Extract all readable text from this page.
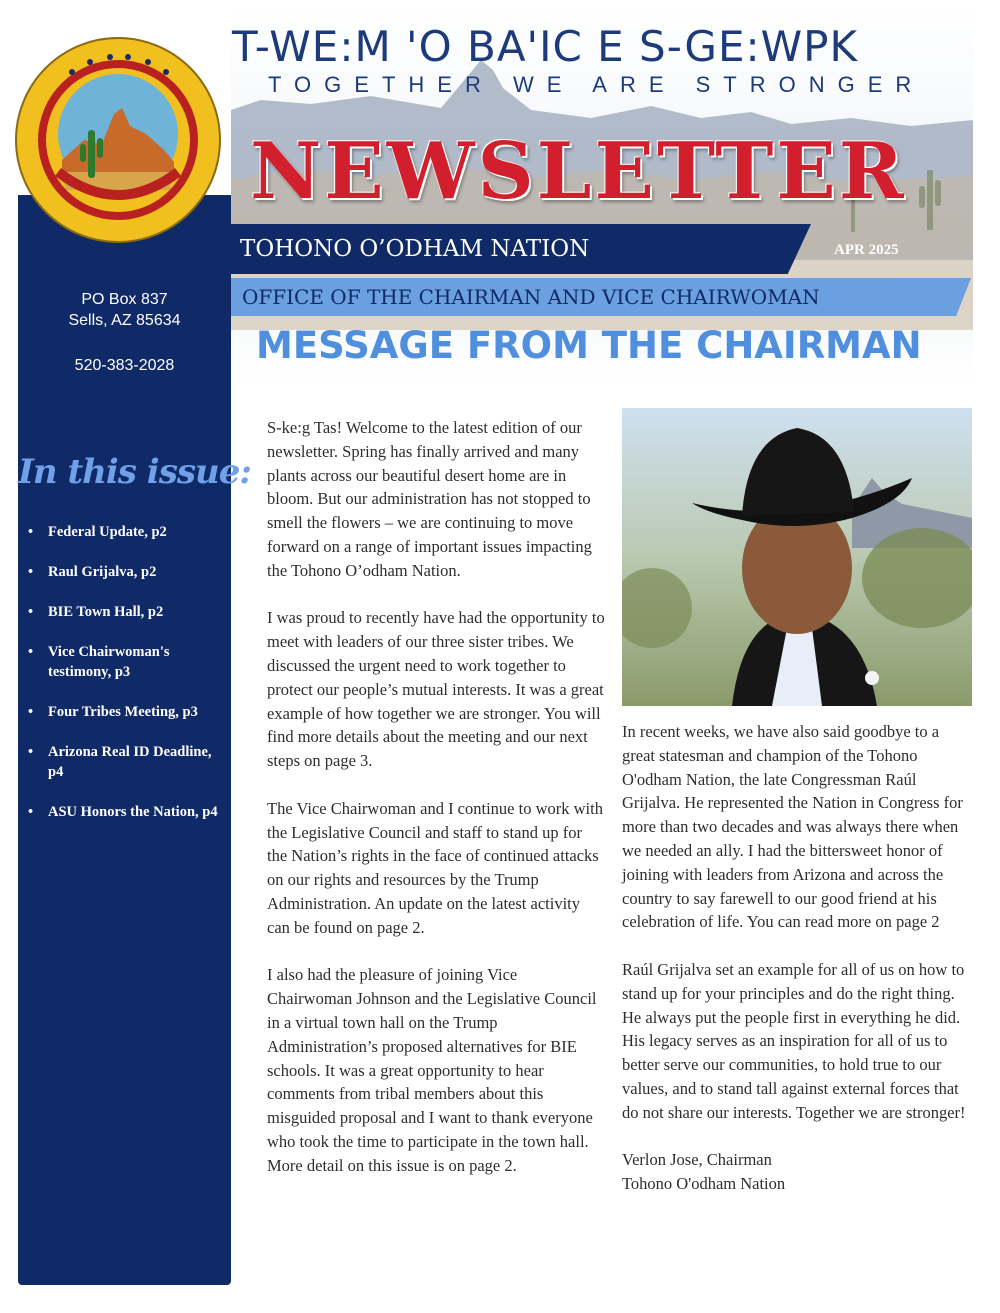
PO Box 837
Sells, AZ 85634
520-383-2028
In this issue:
• Federal Update, p2
• Raul Grijalva, p2
• BIE Town Hall, p2
• Vice Chairwoman's testimony, p3
• Four Tribes Meeting, p3
• Arizona Real ID Deadline, p4
• ASU Honors the Nation, p4
T-WE:M 'O BA'IC E S-GE:WPK
TOGETHER WE ARE STRONGER
NEWSLETTER
TOHONO O’ODHAM NATION	APR 2025
OFFICE OF THE CHAIRMAN AND VICE CHAIRWOMAN
MESSAGE FROM THE CHAIRMAN

S-ke:g Tas! Welcome to the latest edition of our newsletter. Spring has finally arrived and many plants across our beautiful desert home are in bloom. But our administration has not stopped to smell the flowers – we are continuing to move forward on a range of important issues impacting the Tohono O’odham Nation.

I was proud to recently have had the opportunity to meet with leaders of our three sister tribes. We discussed the urgent need to work together to protect our people’s mutual interests. It was a great example of how together we are stronger. You will find more details about the meeting and our next steps on page 3.

The Vice Chairwoman and I continue to work with the Legislative Council and staff to stand up for the Nation’s rights in the face of continued attacks on our rights and resources by the Trump Administration. An update on the latest activity can be found on page 2.

I also had the pleasure of joining Vice Chairwoman Johnson and the Legislative Council in a virtual town hall on the Trump Administration’s proposed alternatives for BIE schools. It was a great opportunity to hear comments from tribal members about this misguided proposal and I want to thank everyone who took the time to participate in the town hall. More detail on this issue is on page 2.

In recent weeks, we have also said goodbye to a great statesman and champion of the Tohono O'odham Nation, the late Congressman Raúl Grijalva. He represented the Nation in Congress for more than two decades and was always there when we needed an ally. I had the bittersweet honor of joining with leaders from Arizona and across the country to say farewell to our good friend at his celebration of life. You can read more on page 2

Raúl Grijalva set an example for all of us on how to stand up for your principles and do the right thing. He always put the people first in everything he did. His legacy serves as an inspiration for all of us to better serve our communities, to hold true to our values, and to stand tall against external forces that do not share our interests. Together we are stronger!

Verlon Jose, Chairman
Tohono O'odham Nation
